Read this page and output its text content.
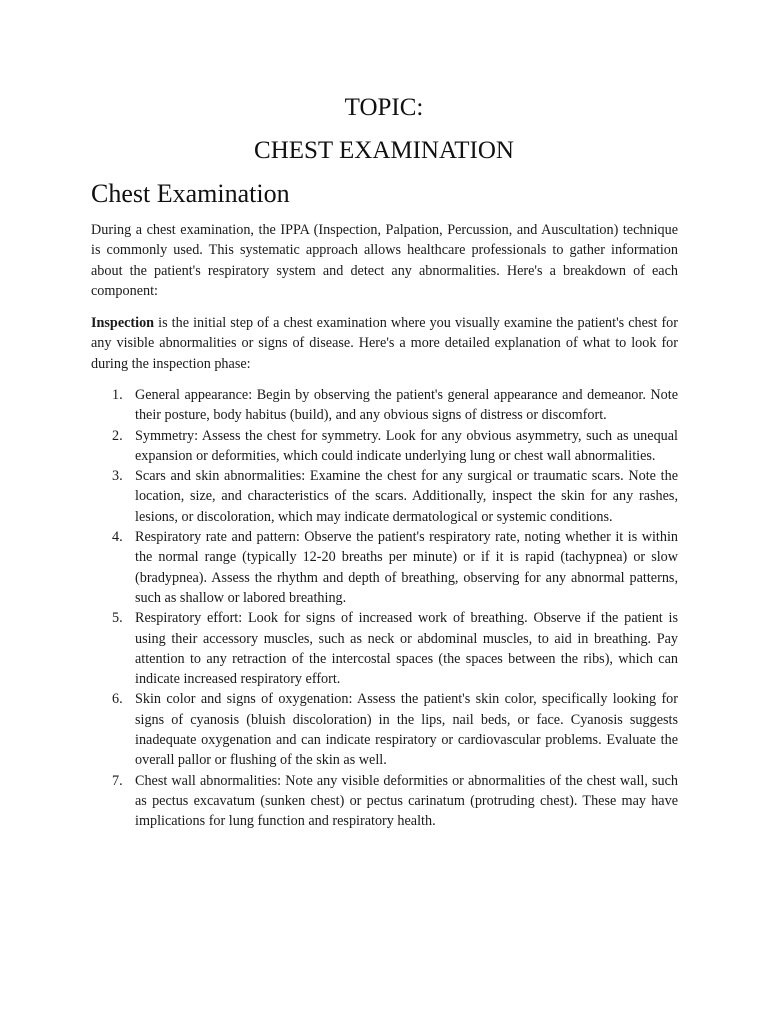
TOPIC:
CHEST EXAMINATION
Chest Examination
During a chest examination, the IPPA (Inspection, Palpation, Percussion, and Auscultation) technique is commonly used. This systematic approach allows healthcare professionals to gather information about the patient's respiratory system and detect any abnormalities. Here's a breakdown of each component:
Inspection is the initial step of a chest examination where you visually examine the patient's chest for any visible abnormalities or signs of disease. Here's a more detailed explanation of what to look for during the inspection phase:
1. General appearance: Begin by observing the patient's general appearance and demeanor. Note their posture, body habitus (build), and any obvious signs of distress or discomfort.
2. Symmetry: Assess the chest for symmetry. Look for any obvious asymmetry, such as unequal expansion or deformities, which could indicate underlying lung or chest wall abnormalities.
3. Scars and skin abnormalities: Examine the chest for any surgical or traumatic scars. Note the location, size, and characteristics of the scars. Additionally, inspect the skin for any rashes, lesions, or discoloration, which may indicate dermatological or systemic conditions.
4. Respiratory rate and pattern: Observe the patient's respiratory rate, noting whether it is within the normal range (typically 12-20 breaths per minute) or if it is rapid (tachypnea) or slow (bradypnea). Assess the rhythm and depth of breathing, observing for any abnormal patterns, such as shallow or labored breathing.
5. Respiratory effort: Look for signs of increased work of breathing. Observe if the patient is using their accessory muscles, such as neck or abdominal muscles, to aid in breathing. Pay attention to any retraction of the intercostal spaces (the spaces between the ribs), which can indicate increased respiratory effort.
6. Skin color and signs of oxygenation: Assess the patient's skin color, specifically looking for signs of cyanosis (bluish discoloration) in the lips, nail beds, or face. Cyanosis suggests inadequate oxygenation and can indicate respiratory or cardiovascular problems. Evaluate the overall pallor or flushing of the skin as well.
7. Chest wall abnormalities: Note any visible deformities or abnormalities of the chest wall, such as pectus excavatum (sunken chest) or pectus carinatum (protruding chest). These may have implications for lung function and respiratory health.
